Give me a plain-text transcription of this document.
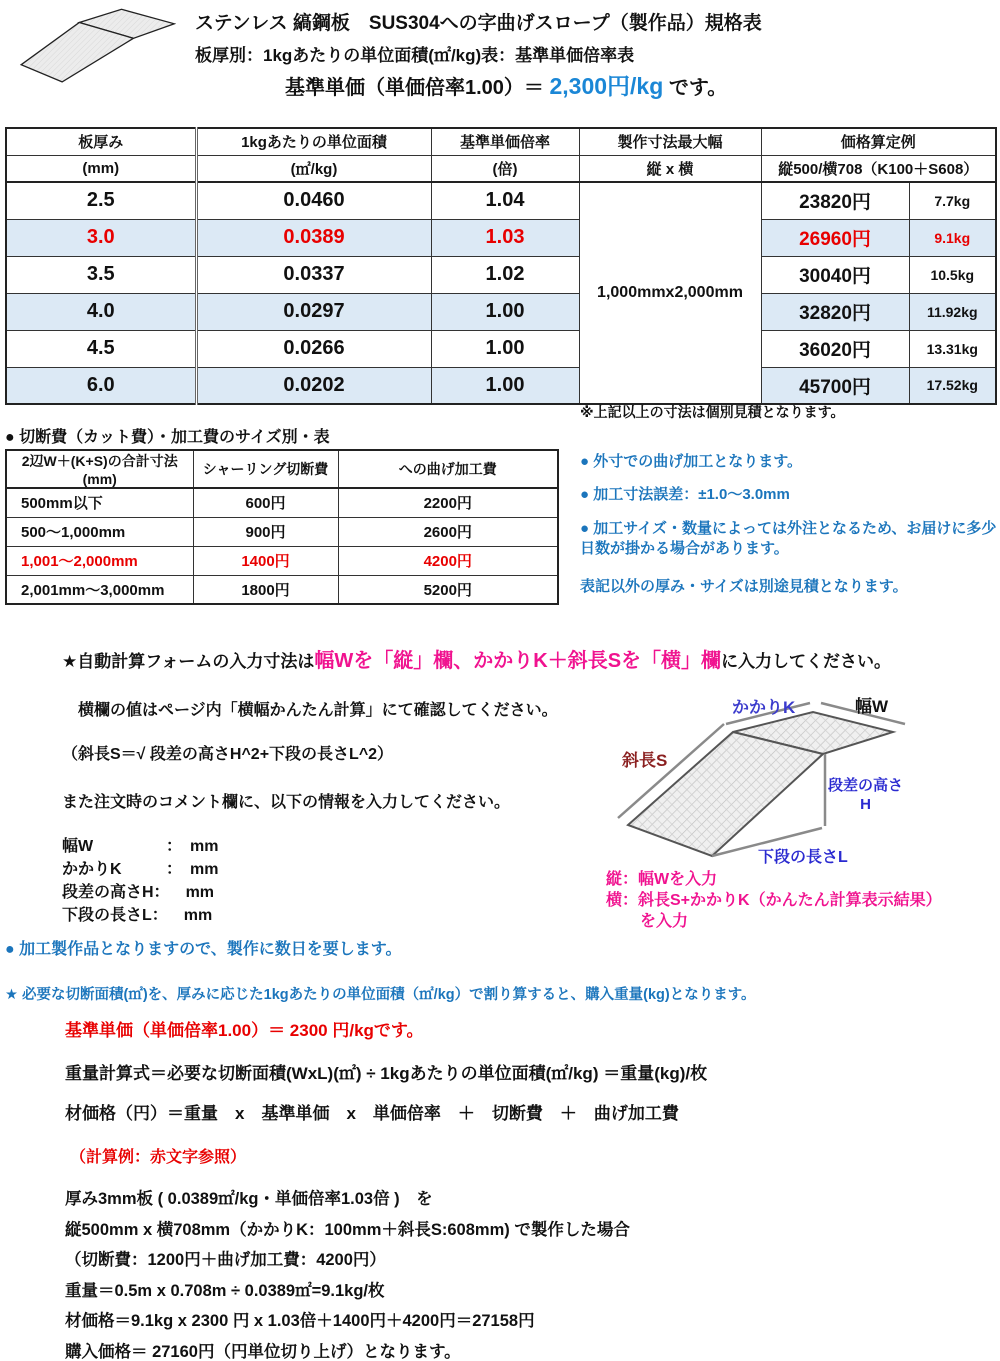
ステンレス 縞鋼板　SUS304への字曲げスロープ（製作品）規格表
板厚別：1kgあたりの単位面積(㎡/kg)表：基準単価倍率表
基準単価（単価倍率1.00）＝ 2,300円/kg です。
板厚み	1kgあたりの単位面積	基準単価倍率	製作寸法最大幅	価格算定例	
(mm)	(㎡/kg)	(倍)	縦 x 横	縦500/横708（K100＋S608）	
2.5	0.0460	1.04	1,000mmx2,000mm	23820円	7.7kg
3.0	0.0389	1.03		26960円	9.1kg
3.5	0.0337	1.02		30040円	10.5kg
4.0	0.0297	1.00		32820円	11.92kg
4.5	0.0266	1.00		36020円	13.31kg
6.0	0.0202	1.00		45700円	17.52kg
※上記以上の寸法は個別見積となります。
● 切断費（カット費）・加工費のサイズ別・表
2辺W＋(K+S)の合計寸法(mm)	シャーリング切断費	への曲げ加工費
500mm以下	600円	2200円
500～1,000mm	900円	2600円
1,001～2,000mm	1400円	4200円
2,001mm～3,000mm	1800円	5200円
● 外寸での曲げ加工となります。
● 加工寸法誤差：±1.0～3.0mm
● 加工サイズ・数量によっては外注となるため、お届けに多少日数が掛かる場合があります。
表記以外の厚み・サイズは別途見積となります。
★自動計算フォームの入力寸法は幅Wを「縦」欄、かかりK＋斜長Sを「横」欄に入力してください。
横欄の値はページ内「横幅かんたん計算」にて確認してください。
（斜長S＝√ 段差の高さH^2+下段の長さL^2）
また注文時のコメント欄に、以下の情報を入力してください。
幅W	：　 mm
かかりK	：　 mm
段差の高さH：　 mm
下段の長さL：　 mm
かかりK	幅W
斜長S
段差の高さ
H
下段の長さL
縦：幅Wを入力
横：斜長S+かかりK（かんたん計算表示結果）
を入力
● 加工製作品となりますので、製作に数日を要します。
★ 必要な切断面積(㎡)を、厚みに応じた1kgあたりの単位面積（㎡/kg）で割り算すると、購入重量(kg)となります。
基準単価（単価倍率1.00）＝ 2300 円/kgです。
重量計算式＝必要な切断面積(WxL)(㎡) ÷ 1kgあたりの単位面積(㎡/kg) ＝重量(kg)/枚
材価格（円）＝重量　x　基準単価　x　単価倍率　＋　切断費　＋　曲げ加工費
（計算例：赤文字参照）
厚み3mm板 ( 0.0389㎡/kg・単価倍率1.03倍 )　を
縦500mm x 横708mm（かかりK：100mm＋斜長S:608mm) で製作した場合
（切断費：1200円＋曲げ加工費：4200円）
重量＝0.5m x 0.708m ÷ 0.0389㎡=9.1kg/枚
材価格＝9.1kg x 2300 円 x 1.03倍＋1400円＋4200円＝27158円
購入価格＝ 27160円（円単位切り上げ）となります。
